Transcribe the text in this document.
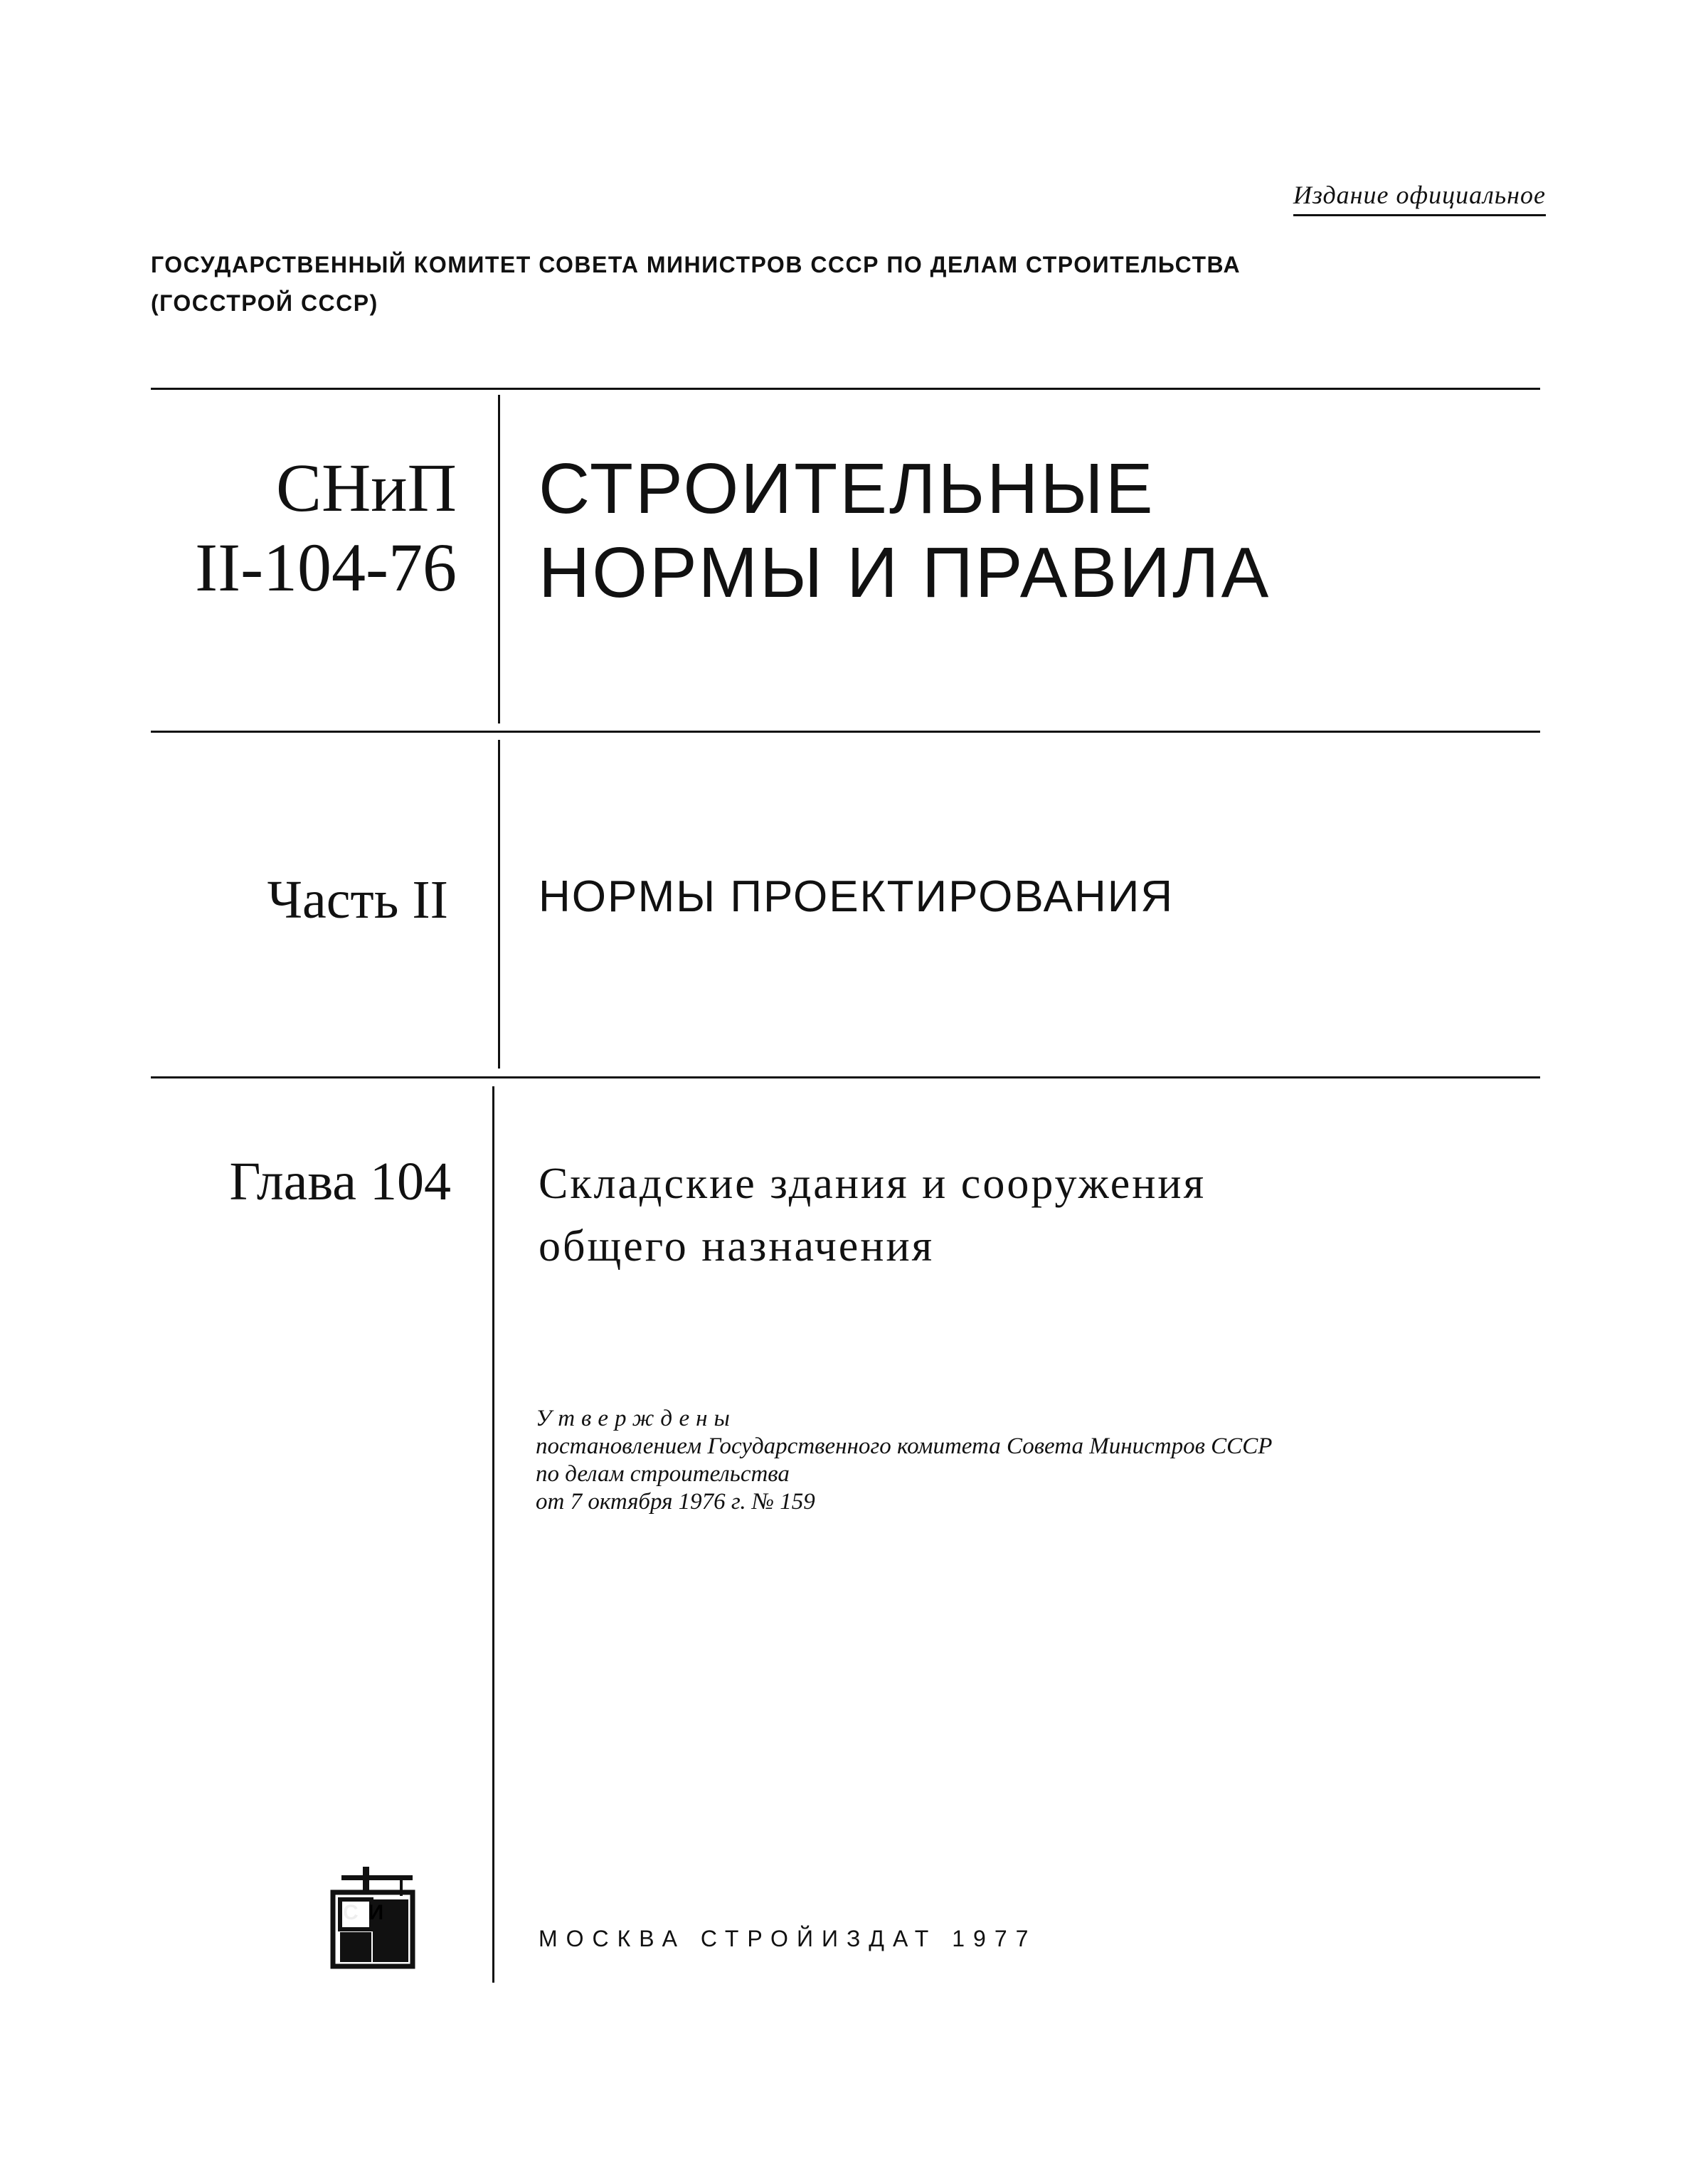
Издание официальное
ГОСУДАРСТВЕННЫЙ КОМИТЕТ СОВЕТА МИНИСТРОВ СССР ПО ДЕЛАМ СТРОИТЕЛЬСТВА
(ГОССТРОЙ СССР)
СНиП
II-104-76
СТРОИТЕЛЬНЫЕ
НОРМЫ И ПРАВИЛА
Часть II НОРМЫ ПРОЕКТИРОВАНИЯ
Глава 104 Складские здания и сооружения
общего назначения
Утверждены
постановлением Государственного комитета Совета Министров СССР
по делам строительства
от 7 октября 1976 г. № 159
СИ
МОСКВА СТРОЙИЗДАТ 1977
